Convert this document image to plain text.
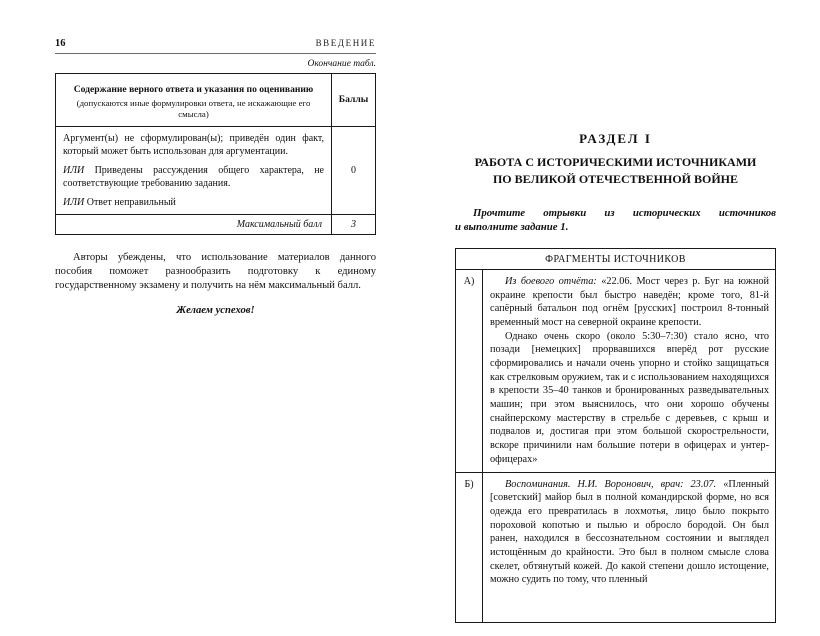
16	ВВЕДЕНИЕ
Окончание табл.
Содержание верного ответа и указания по оцениванию
(допускаются иные формулировки ответа, не искажающие его смысла)	Баллы

Аргумент(ы) не сформулирован(ы); приведён один факт, который может быть использован для аргументации.

ИЛИ Приведены рассуждения общего характера, не соответствующие требованию задания.

ИЛИ Ответ неправильный	0
Максимальный балл	3

Авторы убеждены, что использование материалов данного пособия поможет разнообразить подготовку к единому государственному экзамену и получить на нём максимальный балл.

Желаем успехов!

РАЗДЕЛ I
РАБОТА С ИСТОРИЧЕСКИМИ ИСТОЧНИКАМИ
ПО ВЕЛИКОЙ ОТЕЧЕСТВЕННОЙ ВОЙНЕ
Прочтите отрывки из исторических источников
и выполните задание 1.
ФРАГМЕНТЫ ИСТОЧНИКОВ	
А)	Из боевого отчёта: «22.06. Мост через р. Буг на южной окраине крепости был быстро наведён; кроме того, 81-й сапёрный батальон под огнём [русских] построил 8-тонный временный мост на северной окраине крепости.

Однако очень скоро (около 5:30–7:30) стало ясно, что позади [немецких] прорвавшихся вперёд рот русские сформировались и начали очень упорно и стойко защищаться как стрелковым оружием, так и с использованием находящихся в крепости 35–40 танков и бронированных разведывательных машин; при этом выяснилось, что они хорошо обучены снайперскому мастерству в стрельбе с деревьев, с крыш и подвалов и, достигая при этом большой скорострельности, вскоре причинили нам большие потери в офицерах и унтер-офицерах»

Б)	Воспоминания. Н.И. Воронович, врач: 23.07. «Пленный [советский] майор был в полной командирской форме, но вся одежда его превратилась в лохмотья, лицо было покрыто пороховой копотью и пылью и обросло бородой. Он был ранен, находился в бессознательном состоянии и выглядел истощённым до крайности. Это был в полном смысле слова скелет, обтянутый кожей. До какой степени дошло истощение, можно судить по тому, что пленный
